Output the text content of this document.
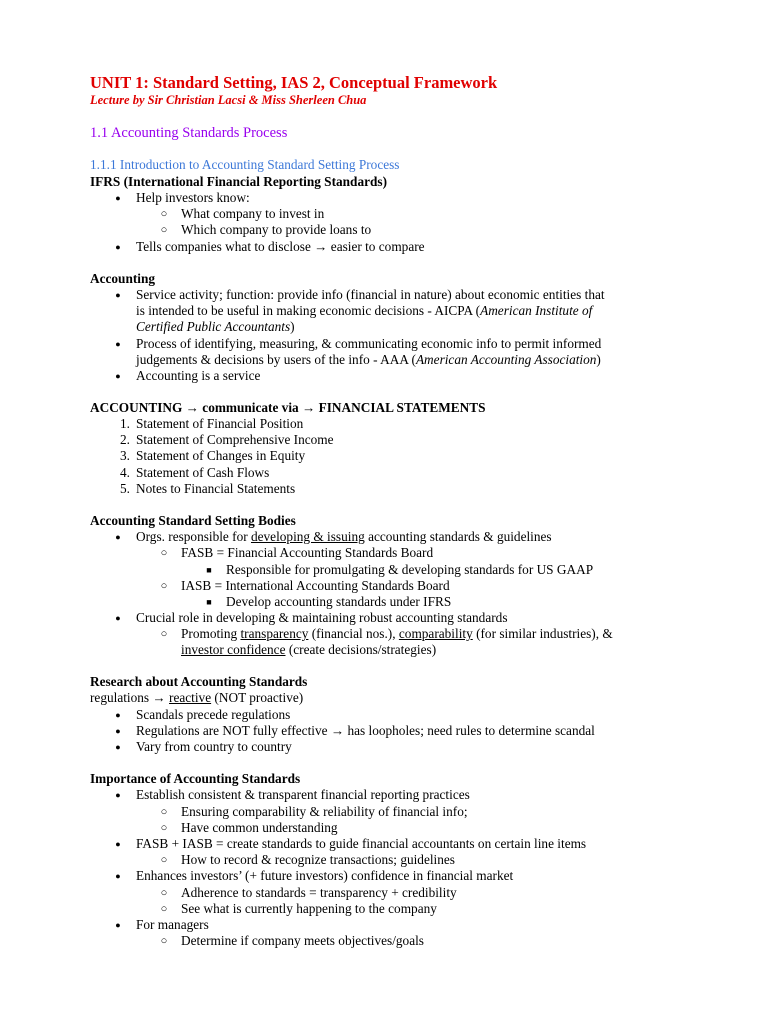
UNIT 1: Standard Setting, IAS 2, Conceptual Framework
Lecture by Sir Christian Lacsi & Miss Sherleen Chua
1.1 Accounting Standards Process
1.1.1 Introduction to Accounting Standard Setting Process
IFRS (International Financial Reporting Standards)
● Help investors know:
○ What company to invest in
○ Which company to provide loans to
● Tells companies what to disclose → easier to compare
Accounting
● Service activity; function: provide info (financial in nature) about economic entities that
is intended to be useful in making economic decisions - AICPA (American Institute of
Certified Public Accountants)
● Process of identifying, measuring, & communicating economic info to permit informed
judgements & decisions by users of the info - AAA (American Accounting Association)
● Accounting is a service
ACCOUNTING → communicate via → FINANCIAL STATEMENTS
1. Statement of Financial Position
2. Statement of Comprehensive Income
3. Statement of Changes in Equity
4. Statement of Cash Flows
5. Notes to Financial Statements
Accounting Standard Setting Bodies
● Orgs. responsible for developing & issuing accounting standards & guidelines
○ FASB = Financial Accounting Standards Board
■ Responsible for promulgating & developing standards for US GAAP
○ IASB = International Accounting Standards Board
■ Develop accounting standards under IFRS
● Crucial role in developing & maintaining robust accounting standards
○ Promoting transparency (financial nos.), comparability (for similar industries), &
investor confidence (create decisions/strategies)
Research about Accounting Standards
regulations → reactive (NOT proactive)
● Scandals precede regulations
● Regulations are NOT fully effective → has loopholes; need rules to determine scandal
● Vary from country to country
Importance of Accounting Standards
● Establish consistent & transparent financial reporting practices
○ Ensuring comparability & reliability of financial info;
○ Have common understanding
● FASB + IASB = create standards to guide financial accountants on certain line items
○ How to record & recognize transactions; guidelines
● Enhances investors’ (+ future investors) confidence in financial market
○ Adherence to standards = transparency + credibility
○ See what is currently happening to the company
● For managers
○ Determine if company meets objectives/goals
